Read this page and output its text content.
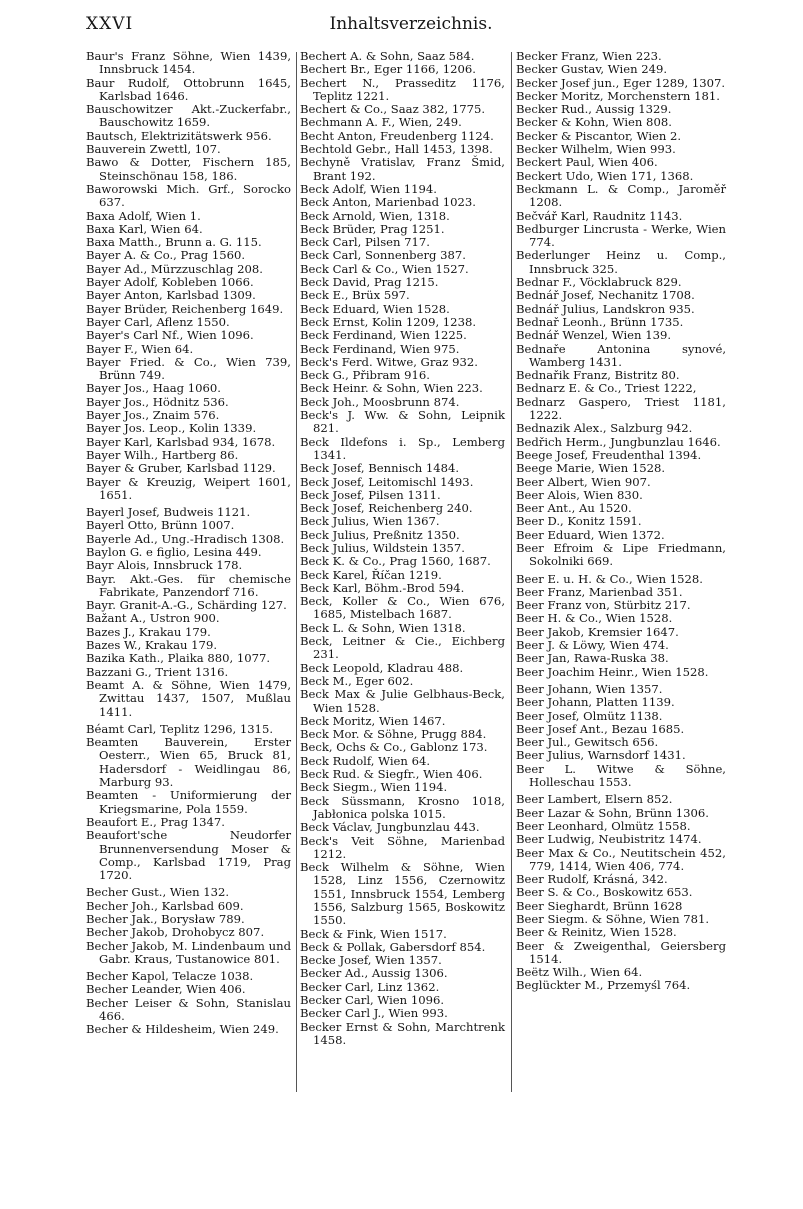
XXVI	Inhaltsverzeichnis.

Baur's Franz Söhne, Wien 1439, Innsbruck 1454.

Baur Rudolf, Ottobrunn 1645, Karlsbad 1646.

Bauschowitzer Akt.-Zuckerfabr., Bauschowitz 1659.

Bautsch, Elektrizitätswerk 956.

Bauverein Zwettl, 107.

Bawo & Dotter, Fischern 185, Steinschönau 158, 186.

Baworowski Mich. Grf., Sorocko 637.

Baxa Adolf, Wien 1.

Baxa Karl, Wien 64.

Baxa Matth., Brunn a. G. 115.

Bayer A. & Co., Prag 1560.

Bayer Ad., Mürzzuschlag 208.

Bayer Adolf, Kobleben 1066.

Bayer Anton, Karlsbad 1309.

Bayer Brüder, Reichenberg 1649.

Bayer Carl, Aflenz 1550.

Bayer's Carl Nf., Wien 1096.

Bayer F., Wien 64.

Bayer Fried. & Co., Wien 739, Brünn 749.

Bayer Jos., Haag 1060.

Bayer Jos., Hödnitz 536.

Bayer Jos., Znaim 576.

Bayer Jos. Leop., Kolin 1339.

Bayer Karl, Karlsbad 934, 1678.

Bayer Wilh., Hartberg 86.

Bayer & Gruber, Karlsbad 1129.

Bayer & Kreuzig, Weipert 1601, 1651.

Bayerl Josef, Budweis 1121.

Bayerl Otto, Brünn 1007.

Bayerle Ad., Ung.-Hradisch 1308.

Baylon G. e figlio, Lesina 449.

Bayr Alois, Innsbruck 178.

Bayr. Akt.-Ges. für chemische Fabrikate, Panzendorf 716.

Bayr. Granit-A.-G., Schärding 127.

Bažant A., Ustron 900.

Bazes J., Krakau 179.

Bazes W., Krakau 179.

Bazika Kath., Plaika 880, 1077.

Bazzani G., Trient 1316.

Beamt A. & Söhne, Wien 1479, Zwittau 1437, 1507, Mußlau 1411.

Béamt Carl, Teplitz 1296, 1315.

Beamten Bauverein, Erster Oesterr., Wien 65, Bruck 81, Hadersdorf - Weidlingau 86, Marburg 93.

Beamten - Uniformierung der Kriegsmarine, Pola 1559.

Beaufort E., Prag 1347.

Beaufort'sche Neudorfer Brunnenversendung Moser & Comp., Karlsbad 1719, Prag 1720.

Becher Gust., Wien 132.

Becher Joh., Karlsbad 609.

Becher Jak., Borysław 789.

Becher Jakob, Drohobycz 807.

Becher Jakob, M. Lindenbaum und Gabr. Kraus, Tustanowice 801.

Becher Kapol, Telacze 1038.

Becher Leander, Wien 406.

Becher Leiser & Sohn, Stanislau 466.

Becher & Hildesheim, Wien 249.

Bechert A. & Sohn, Saaz 584.

Bechert Br., Eger 1166, 1206.

Bechert N., Prasseditz 1176, Teplitz 1221.

Bechert & Co., Saaz 382, 1775.

Bechmann A. F., Wien, 249.

Becht Anton, Freudenberg 1124.

Bechtold Gebr., Hall 1453, 1398.

Bechyně Vratislav, Franz Šmid, Brant 192.

Beck Adolf, Wien 1194.

Beck Anton, Marienbad 1023.

Beck Arnold, Wien, 1318.

Beck Brüder, Prag 1251.

Beck Carl, Pilsen 717.

Beck Carl, Sonnenberg 387.

Beck Carl & Co., Wien 1527.

Beck David, Prag 1215.

Beck E., Brüx 597.

Beck Eduard, Wien 1528.

Beck Ernst, Kolin 1209, 1238.

Beck Ferdinand, Wien 1225.

Beck Ferdinand, Wien 975.

Beck's Ferd. Witwe, Graz 932.

Beck G., Přibram 916.

Beck Heinr. & Sohn, Wien 223.

Beck Joh., Moosbrunn 874.

Beck's J. Ww. & Sohn, Leipnik 821.

Beck Ildefons i. Sp., Lemberg 1341.

Beck Josef, Bennisch 1484.

Beck Josef, Leitomischl 1493.

Beck Josef, Pilsen 1311.

Beck Josef, Reichenberg 240.

Beck Julius, Wien 1367.

Beck Julius, Preßnitz 1350.

Beck Julius, Wildstein 1357.

Beck K. & Co., Prag 1560, 1687.

Beck Karel, Říčan 1219.

Beck Karl, Böhm.-Brod 594.

Beck, Koller & Co., Wien 676, 1685, Mistelbach 1687.

Beck L. & Sohn, Wien 1318.

Beck, Leitner & Cie., Eichberg 231.

Beck Leopold, Kladrau 488.

Beck M., Eger 602.

Beck Max & Julie Gelbhaus-Beck, Wien 1528.

Beck Moritz, Wien 1467.

Beck Mor. & Söhne, Prugg 884.

Beck, Ochs & Co., Gablonz 173.

Beck Rudolf, Wien 64.

Beck Rud. & Siegfr., Wien 406.

Beck Siegm., Wien 1194.

Beck Süssmann, Krosno 1018, Jabłonica polska 1015.

Beck Václav, Jungbunzlau 443.

Beck's Veit Söhne, Marienbad 1212.

Beck Wilhelm & Söhne, Wien 1528, Linz 1556, Czernowitz 1551, Innsbruck 1554, Lemberg 1556, Salzburg 1565, Boskowitz 1550.

Beck & Fink, Wien 1517.

Beck & Pollak, Gabersdorf 854.

Becke Josef, Wien 1357.

Becker Ad., Aussig 1306.

Becker Carl, Linz 1362.

Becker Carl, Wien 1096.

Becker Carl J., Wien 993.

Becker Ernst & Sohn, Marchtrenk 1458.

Becker Franz, Wien 223.

Becker Gustav, Wien 249.

Becker Josef jun., Eger 1289, 1307.

Becker Moritz, Morchenstern 181.

Becker Rud., Aussig 1329.

Becker & Kohn, Wien 808.

Becker & Piscantor, Wien 2.

Becker Wilhelm, Wien 993.

Beckert Paul, Wien 406.

Beckert Udo, Wien 171, 1368.

Beckmann L. & Comp., Jaroměř 1208.

Bečvář Karl, Raudnitz 1143.

Bedburger Lincrusta - Werke, Wien 774.

Bederlunger Heinz u. Comp., Innsbruck 325.

Bednar F., Vöcklabruck 829.

Bednář Josef, Nechanitz 1708.

Bednář Julius, Landskron 935.

Bednař Leonh., Brünn 1735.

Bednář Wenzel, Wien 139.

Bednaře Antonina synové, Wamberg 1431.

Bednařik Franz, Bistritz 80.

Bednarz E. & Co., Triest 1222,

Bednarz Gaspero, Triest 1181, 1222.

Bednazik Alex., Salzburg 942.

Bedřich Herm., Jungbunzlau 1646.

Beege Josef, Freudenthal 1394.

Beege Marie, Wien 1528.

Beer Albert, Wien 907.

Beer Alois, Wien 830.

Beer Ant., Au 1520.

Beer D., Konitz 1591.

Beer Eduard, Wien 1372.

Beer Efroim & Lipe Friedmann, Sokolniki 669.

Beer E. u. H. & Co., Wien 1528.

Beer Franz, Marienbad 351.

Beer Franz von, Stürbitz 217.

Beer H. & Co., Wien 1528.

Beer Jakob, Kremsier 1647.

Beer J. & Löwy, Wien 474.

Beer Jan, Rawa-Ruska 38.

Beer Joachim Heinr., Wien 1528.

Beer Johann, Wien 1357.

Beer Johann, Platten 1139.

Beer Josef, Olmütz 1138.

Beer Josef Ant., Bezau 1685.

Beer Jul., Gewitsch 656.

Beer Julius, Warnsdorf 1431.

Beer L. Witwe & Söhne, Holleschau 1553.

Beer Lambert, Elsern 852.

Beer Lazar & Sohn, Brünn 1306.

Beer Leonhard, Olmütz 1558.

Beer Ludwig, Neubistritz 1474.

Beer Max & Co., Neutitschein 452, 779, 1414, Wien 406, 774.

Beer Rudolf, Krásná, 342.

Beer S. & Co., Boskowitz 653.

Beer Sieghardt, Brünn 1628

Beer Siegm. & Söhne, Wien 781.

Beer & Reinitz, Wien 1528.

Beer & Zweigenthal, Geiersberg 1514.

Beëtz Wilh., Wien 64.

Beglückter M., Przemyśl 764.
